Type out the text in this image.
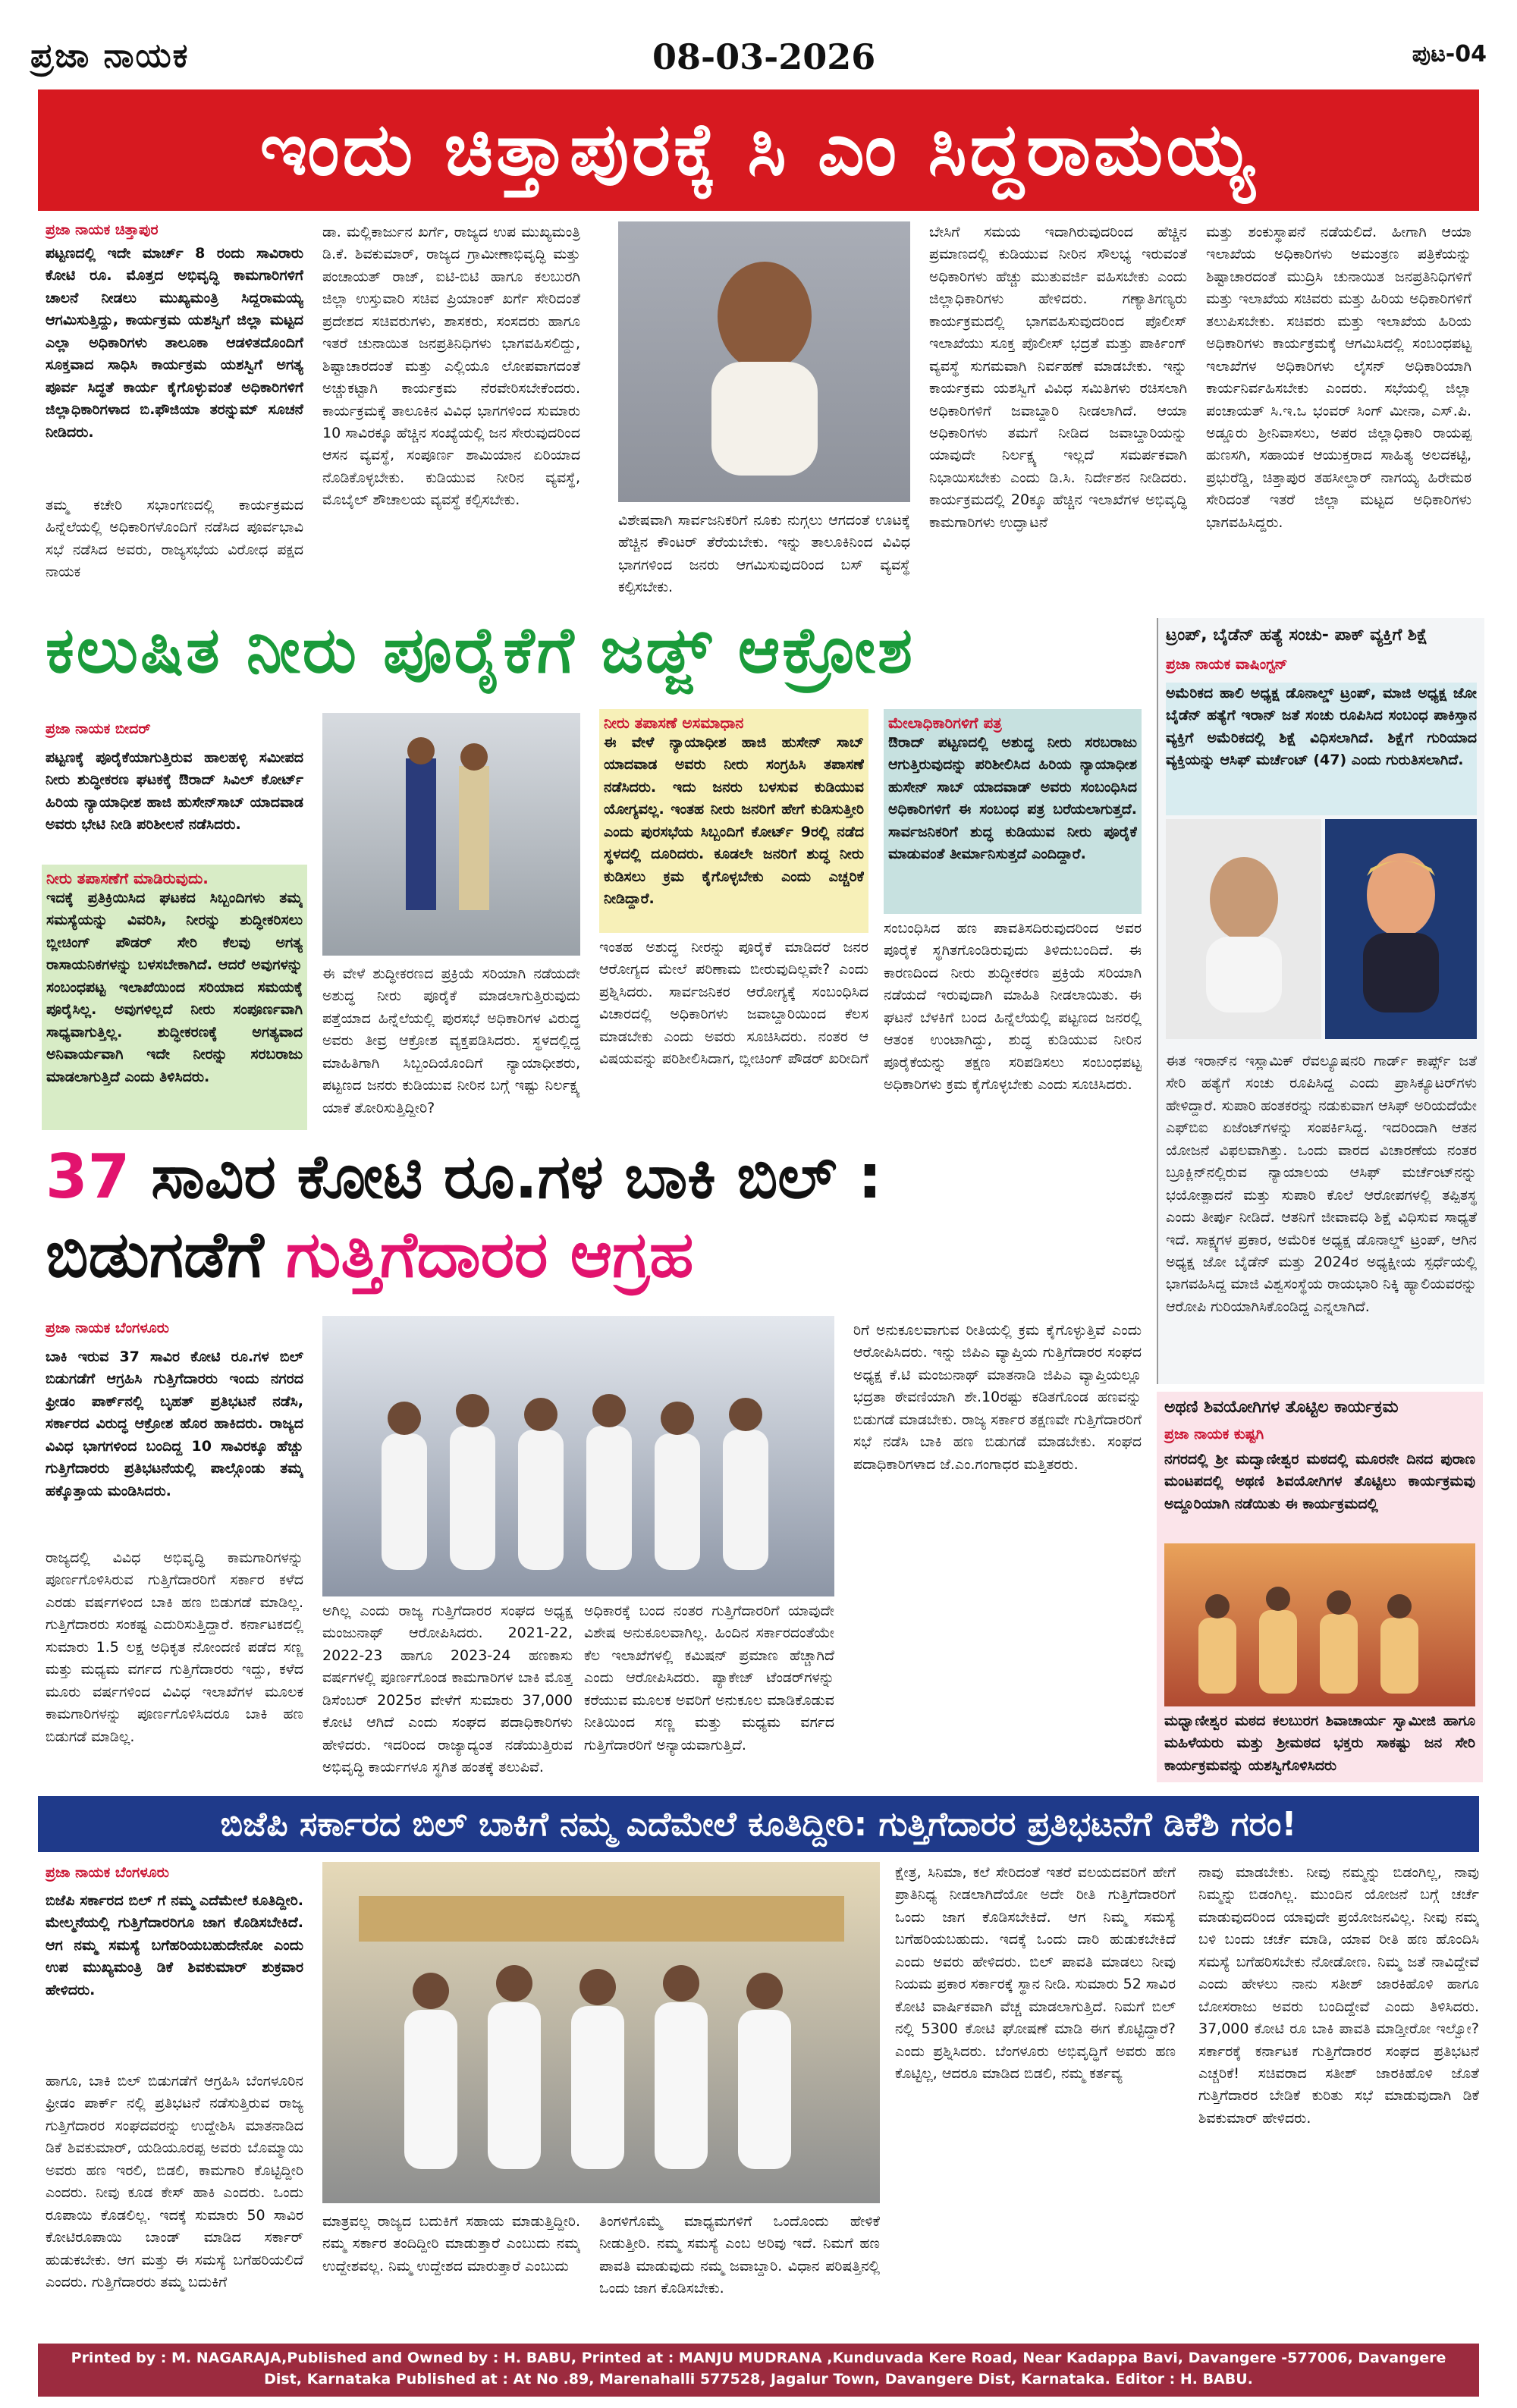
ಪ್ರಜಾ ನಾಯಕ	08-03-2026	ಪುಟ-04
ಇಂದು ಚಿತ್ತಾಪುರಕ್ಕೆ ಸಿ ಎಂ ಸಿದ್ದರಾಮಯ್ಯ
ಪ್ರಜಾ ನಾಯಕ ಚಿತ್ತಾಪುರ
ಪಟ್ಟಣದಲ್ಲಿ ಇದೇ ಮಾರ್ಚ್ 8 ರಂದು ಸಾವಿರಾರು ಕೋಟಿ ರೂ. ಮೊತ್ತದ ಅಭಿವೃದ್ಧಿ ಕಾಮಗಾರಿಗಳಿಗೆ ಚಾಲನೆ ನೀಡಲು ಮುಖ್ಯಮಂತ್ರಿ ಸಿದ್ದರಾಮಯ್ಯ ಆಗಮಿಸುತ್ತಿದ್ದು, ಕಾರ್ಯಕ್ರಮ ಯಶಸ್ವಿಗೆ ಜಿಲ್ಲಾ ಮಟ್ಟದ ಎಲ್ಲಾ ಅಧಿಕಾರಿಗಳು ತಾಲೂಕಾ ಆಡಳಿತದೊಂದಿಗೆ ಸೂಕ್ತವಾದ ಸಾಧಿಸಿ ಕಾರ್ಯಕ್ರಮ ಯಶಸ್ವಿಗೆ ಅಗತ್ಯ ಪೂರ್ವ ಸಿದ್ಧತೆ ಕಾರ್ಯ ಕೈಗೊಳ್ಳುವಂತೆ ಅಧಿಕಾರಿಗಳಿಗೆ ಜಿಲ್ಲಾಧಿಕಾರಿಗಳಾದ ಬಿ.ಫೌಜಿಯಾ ತರನ್ನುಮ್ ಸೂಚನೆ ನೀಡಿದರು.
ತಮ್ಮ ಕಚೇರಿ ಸಭಾಂಗಣದಲ್ಲಿ ಕಾರ್ಯಕ್ರಮದ ಹಿನ್ನೆಲೆಯಲ್ಲಿ ಅಧಿಕಾರಿಗಳೊಂದಿಗೆ ನಡೆಸಿದ ಪೂರ್ವಭಾವಿ ಸಭೆ ನಡೆಸಿದ ಅವರು, ರಾಜ್ಯಸಭೆಯ ವಿರೋಧ ಪಕ್ಷದ ನಾಯಕ
ಡಾ. ಮಲ್ಲಿಕಾರ್ಜುನ ಖರ್ಗೆ, ರಾಜ್ಯದ ಉಪ ಮುಖ್ಯಮಂತ್ರಿ ಡಿ.ಕೆ. ಶಿವಕುಮಾರ್, ರಾಜ್ಯದ ಗ್ರಾಮೀಣಾಭಿವೃದ್ಧಿ ಮತ್ತು ಪಂಚಾಯತ್ ರಾಜ್, ಐಟಿ-ಬಿಟಿ ಹಾಗೂ ಕಲಬುರಗಿ ಜಿಲ್ಲಾ ಉಸ್ತುವಾರಿ ಸಚಿವ ಪ್ರಿಯಾಂಕ್ ಖರ್ಗೆ ಸೇರಿದಂತೆ ಪ್ರದೇಶದ ಸಚಿವರುಗಳು, ಶಾಸಕರು, ಸಂಸದರು ಹಾಗೂ ಇತರೆ ಚುನಾಯಿತ ಜನಪ್ರತಿನಿಧಿಗಳು ಭಾಗವಹಿಸಲಿದ್ದು, ಶಿಷ್ಟಾಚಾರದಂತೆ ಮತ್ತು ಎಲ್ಲಿಯೂ ಲೋಪವಾಗದಂತೆ ಅಚ್ಚುಕಟ್ಟಾಗಿ ಕಾರ್ಯಕ್ರಮ ನೆರವೇರಿಸಬೇಕೆಂದರು. ಕಾರ್ಯಕ್ರಮಕ್ಕೆ ತಾಲೂಕಿನ ವಿವಿಧ ಭಾಗಗಳಿಂದ ಸುಮಾರು 10 ಸಾವಿರಕ್ಕೂ ಹೆಚ್ಚಿನ ಸಂಖ್ಯೆಯಲ್ಲಿ ಜನ ಸೇರುವುದರಿಂದ ಆಸನ ವ್ಯವಸ್ಥೆ, ಸಂಪೂರ್ಣ ಶಾಮಿಯಾನ ಏರಿಯಾದ ನೊಡಿಕೊಳ್ಳಬೇಕು. ಕುಡಿಯುವ ನೀರಿನ ವ್ಯವಸ್ಥೆ, ಮೊಬೈಲ್ ಶೌಚಾಲಯ ವ್ಯವಸ್ಥೆ ಕಲ್ಪಿಸಬೇಕು.
ವಿಶೇಷವಾಗಿ ಸಾರ್ವಜನಿಕರಿಗೆ ನೂಕು ನುಗ್ಗಲು ಆಗದಂತೆ ಊಟಕ್ಕೆ ಹೆಚ್ಚಿನ ಕೌಂಟರ್ ತೆರೆಯಬೇಕು. ಇನ್ನು ತಾಲೂಕಿನಿಂದ ವಿವಿಧ ಭಾಗಗಳಿಂದ ಜನರು ಆಗಮಿಸುವುದರಿಂದ ಬಸ್ ವ್ಯವಸ್ಥೆ ಕಲ್ಪಿಸಬೇಕು.
ಬೇಸಿಗೆ ಸಮಯ ಇದಾಗಿರುವುದರಿಂದ ಹೆಚ್ಚಿನ ಪ್ರಮಾಣದಲ್ಲಿ ಕುಡಿಯುವ ನೀರಿನ ಸೌಲಭ್ಯ ಇರುವಂತೆ ಅಧಿಕಾರಿಗಳು ಹೆಚ್ಚು ಮುತುವರ್ಜಿ ವಹಿಸಬೇಕು ಎಂದು ಜಿಲ್ಲಾಧಿಕಾರಿಗಳು ಹೇಳಿದರು. ಗಣ್ಯಾತಿಗಣ್ಯರು ಕಾರ್ಯಕ್ರಮದಲ್ಲಿ ಭಾಗವಹಿಸುವುದರಿಂದ ಪೊಲೀಸ್ ಇಲಾಖೆಯು ಸೂಕ್ತ ಪೊಲೀಸ್ ಭದ್ರತೆ ಮತ್ತು ಪಾರ್ಕಿಂಗ್ ವ್ಯವಸ್ಥೆ ಸುಗಮವಾಗಿ ನಿರ್ವಹಣೆ ಮಾಡಬೇಕು. ಇನ್ನು ಕಾರ್ಯಕ್ರಮ ಯಶಸ್ವಿಗೆ ವಿವಿಧ ಸಮಿತಿಗಳು ರಚಿಸಲಾಗಿ ಅಧಿಕಾರಿಗಳಿಗೆ ಜವಾಬ್ದಾರಿ ನೀಡಲಾಗಿದೆ. ಆಯಾ ಅಧಿಕಾರಿಗಳು ತಮಗೆ ನೀಡಿದ ಜವಾಬ್ದಾರಿಯನ್ನು ಯಾವುದೇ ನಿರ್ಲಕ್ಷ್ಯ ಇಲ್ಲದೆ ಸಮರ್ಪಕವಾಗಿ ನಿಭಾಯಿಸಬೇಕು ಎಂದು ಡಿ.ಸಿ. ನಿರ್ದೇಶನ ನೀಡಿದರು. ಕಾರ್ಯಕ್ರಮದಲ್ಲಿ 20ಕ್ಕೂ ಹೆಚ್ಚಿನ ಇಲಾಖೆಗಳ ಅಭಿವೃದ್ಧಿ ಕಾಮಗಾರಿಗಳು ಉದ್ಘಾಟನೆ
ಮತ್ತು ಶಂಕುಸ್ಥಾಪನೆ ನಡೆಯಲಿದೆ. ಹೀಗಾಗಿ ಆಯಾ ಇಲಾಖೆಯ ಅಧಿಕಾರಿಗಳು ಅಮಂತ್ರಣ ಪತ್ರಿಕೆಯನ್ನು ಶಿಷ್ಟಾಚಾರದಂತೆ ಮುದ್ರಿಸಿ ಚುನಾಯಿತ ಜನಪ್ರತಿನಿಧಿಗಳಿಗೆ ಮತ್ತು ಇಲಾಖೆಯ ಸಚಿವರು ಮತ್ತು ಹಿರಿಯ ಅಧಿಕಾರಿಗಳಿಗೆ ತಲುಪಿಸಬೇಕು. ಸಚಿವರು ಮತ್ತು ಇಲಾಖೆಯ ಹಿರಿಯ ಅಧಿಕಾರಿಗಳು ಕಾರ್ಯಕ್ರಮಕ್ಕೆ ಆಗಮಿಸಿದಲ್ಲಿ ಸಂಬಂಧಪಟ್ಟ ಇಲಾಖೆಗಳ ಅಧಿಕಾರಿಗಳು ಲೈಸನ್ ಅಧಿಕಾರಿಯಾಗಿ ಕಾರ್ಯನಿರ್ವಹಿಸಬೇಕು ಎಂದರು. ಸಭೆಯಲ್ಲಿ ಜಿಲ್ಲಾ ಪಂಚಾಯತ್ ಸಿ.ಇ.ಒ ಭಂವರ್ ಸಿಂಗ್ ಮೀನಾ, ಎಸ್.ಪಿ. ಅಡ್ಡೂರು ಶ್ರೀನಿವಾಸಲು, ಅಪರ ಜಿಲ್ಲಾಧಿಕಾರಿ ರಾಯಪ್ಪ ಹುಣಸಗಿ, ಸಹಾಯಕ ಆಯುಕ್ತರಾದ ಸಾಹಿತ್ಯ ಅಲದಕಟ್ಟಿ, ಪ್ರಭುರೆಡ್ಡಿ, ಚಿತ್ತಾಪುರ ತಹಸೀಲ್ದಾರ್ ನಾಗಯ್ಯ ಹಿರೇಮಠ ಸೇರಿದಂತೆ ಇತರೆ ಜಿಲ್ಲಾ ಮಟ್ಟದ ಅಧಿಕಾರಿಗಳು ಭಾಗವಹಿಸಿದ್ದರು.
ಕಲುಷಿತ ನೀರು ಪೂರೈಕೆಗೆ ಜಡ್ಜ್ ಆಕ್ರೋಶ
ಪ್ರಜಾ ನಾಯಕ ಬೀದರ್
ಪಟ್ಟಣಕ್ಕೆ ಪೂರೈಕೆಯಾಗುತ್ತಿರುವ ಹಾಲಹಳ್ಳಿ ಸಮೀಪದ ನೀರು ಶುದ್ಧೀಕರಣ ಘಟಕಕ್ಕೆ ಔರಾದ್ ಸಿವಿಲ್ ಕೋರ್ಟ್ ಹಿರಿಯ ನ್ಯಾಯಾಧೀಶ ಹಾಜಿ ಹುಸೇನ್‌ಸಾಬ್ ಯಾದವಾಡ ಅವರು ಭೇಟಿ ನೀಡಿ ಪರಿಶೀಲನೆ ನಡೆಸಿದರು.
ನೀರು ತಪಾಸಣೆಗೆ ಮಾಡಿರುವುದು.
ಇದಕ್ಕೆ ಪ್ರತಿಕ್ರಿಯಿಸಿದ ಘಟಕದ ಸಿಬ್ಬಂದಿಗಳು ತಮ್ಮ ಸಮಸ್ಯೆಯನ್ನು ವಿವರಿಸಿ, ನೀರನ್ನು ಶುದ್ಧೀಕರಿಸಲು ಬ್ಲೀಚಿಂಗ್ ಪೌಡರ್ ಸೇರಿ ಕೆಲವು ಅಗತ್ಯ ರಾಸಾಯನಿಕಗಳನ್ನು ಬಳಸಬೇಕಾಗಿದೆ. ಆದರೆ ಅವುಗಳನ್ನು ಸಂಬಂಧಪಟ್ಟ ಇಲಾಖೆಯಿಂದ ಸರಿಯಾದ ಸಮಯಕ್ಕೆ ಪೂರೈಸಿಲ್ಲ. ಅವುಗಳಿಲ್ಲದೆ ನೀರು ಸಂಪೂರ್ಣವಾಗಿ ಸಾಧ್ಯವಾಗುತ್ತಿಲ್ಲ. ಶುದ್ಧೀಕರಣಕ್ಕೆ ಅಗತ್ಯವಾದ ಅನಿವಾರ್ಯವಾಗಿ ಇದೇ ನೀರನ್ನು ಸರಬರಾಜು ಮಾಡಲಾಗುತ್ತಿದೆ ಎಂದು ತಿಳಿಸಿದರು.
ಈ ವೇಳೆ ಶುದ್ಧೀಕರಣದ ಪ್ರಕ್ರಿಯೆ ಸರಿಯಾಗಿ ನಡೆಯದೇ ಅಶುದ್ಧ ನೀರು ಪೂರೈಕೆ ಮಾಡಲಾಗುತ್ತಿರುವುದು ಪತ್ತೆಯಾದ ಹಿನ್ನೆಲೆಯಲ್ಲಿ ಪುರಸಭೆ ಅಧಿಕಾರಿಗಳ ವಿರುದ್ಧ ಅವರು ತೀವ್ರ ಆಕ್ರೋಶ ವ್ಯಕ್ತಪಡಿಸಿದರು. ಸ್ಥಳದಲ್ಲಿದ್ದ ಮಾಹಿತಿಗಾಗಿ ಸಿಬ್ಬಂದಿಯೊಂದಿಗೆ ನ್ಯಾಯಾಧೀಶರು, ಪಟ್ಟಣದ ಜನರು ಕುಡಿಯುವ ನೀರಿನ ಬಗ್ಗೆ ಇಷ್ಟು ನಿರ್ಲಕ್ಷ್ಯ ಯಾಕೆ ತೋರಿಸುತ್ತಿದ್ದೀರಿ?
ನೀರು ತಪಾಸಣೆ ಅಸಮಾಧಾನ
ಈ ವೇಳೆ ನ್ಯಾಯಾಧೀಶ ಹಾಜಿ ಹುಸೇನ್ ಸಾಬ್ ಯಾದವಾಡ ಅವರು ನೀರು ಸಂಗ್ರಹಿಸಿ ತಪಾಸಣೆ ನಡೆಸಿದರು. ಇದು ಜನರು ಬಳಸುವ ಕುಡಿಯುವ ಯೋಗ್ಯವಲ್ಲ. ಇಂತಹ ನೀರು ಜನರಿಗೆ ಹೇಗೆ ಕುಡಿಸುತ್ತೀರಿ ಎಂದು ಪುರಸಭೆಯ ಸಿಬ್ಬಂದಿಗೆ ಕೋರ್ಟ್ 9ರಲ್ಲಿ ನಡೆದ ಸ್ಥಳದಲ್ಲಿ ದೂರಿದರು. ಕೂಡಲೇ ಜನರಿಗೆ ಶುದ್ಧ ನೀರು ಕುಡಿಸಲು ಕ್ರಮ ಕೈಗೊಳ್ಳಬೇಕು ಎಂದು ಎಚ್ಚರಿಕೆ ನೀಡಿದ್ದಾರೆ.
ಇಂತಹ ಅಶುದ್ಧ ನೀರನ್ನು ಪೂರೈಕೆ ಮಾಡಿದರೆ ಜನರ ಆರೋಗ್ಯದ ಮೇಲೆ ಪರಿಣಾಮ ಬೀರುವುದಿಲ್ಲವೇ? ಎಂದು ಪ್ರಶ್ನಿಸಿದರು. ಸಾರ್ವಜನಿಕರ ಆರೋಗ್ಯಕ್ಕೆ ಸಂಬಂಧಿಸಿದ ವಿಚಾರದಲ್ಲಿ ಅಧಿಕಾರಿಗಳು ಜವಾಬ್ದಾರಿಯಿಂದ ಕೆಲಸ ಮಾಡಬೇಕು ಎಂದು ಅವರು ಸೂಚಿಸಿದರು. ನಂತರ ಆ ವಿಷಯವನ್ನು ಪರಿಶೀಲಿಸಿದಾಗ, ಬ್ಲೀಚಿಂಗ್ ಪೌಡರ್ ಖರೀದಿಗೆ
ಮೇಲಾಧಿಕಾರಿಗಳಿಗೆ ಪತ್ರ
ಔರಾದ್ ಪಟ್ಟಣದಲ್ಲಿ ಅಶುದ್ಧ ನೀರು ಸರಬರಾಜು ಆಗುತ್ತಿರುವುದನ್ನು ಪರಿಶೀಲಿಸಿದ ಹಿರಿಯ ನ್ಯಾಯಾಧೀಶ ಹುಸೇನ್ ಸಾಬ್ ಯಾದವಾಡ್ ಅವರು ಸಂಬಂಧಿಸಿದ ಅಧಿಕಾರಿಗಳಿಗೆ ಈ ಸಂಬಂಧ ಪತ್ರ ಬರೆಯಲಾಗುತ್ತದೆ. ಸಾರ್ವಜನಿಕರಿಗೆ ಶುದ್ಧ ಕುಡಿಯುವ ನೀರು ಪೂರೈಕೆ ಮಾಡುವಂತೆ ತೀರ್ಮಾನಿಸುತ್ತದೆ ಎಂದಿದ್ದಾರೆ.
ಸಂಬಂಧಿಸಿದ ಹಣ ಪಾವತಿಸದಿರುವುದರಿಂದ ಅವರ ಪೂರೈಕೆ ಸ್ಥಗಿತಗೊಂಡಿರುವುದು ತಿಳಿದುಬಂದಿದೆ. ಈ ಕಾರಣದಿಂದ ನೀರು ಶುದ್ಧೀಕರಣ ಪ್ರಕ್ರಿಯೆ ಸರಿಯಾಗಿ ನಡೆಯದೆ ಇರುವುದಾಗಿ ಮಾಹಿತಿ ನೀಡಲಾಯಿತು. ಈ ಘಟನೆ ಬೆಳಕಿಗೆ ಬಂದ ಹಿನ್ನೆಲೆಯಲ್ಲಿ ಪಟ್ಟಣದ ಜನರಲ್ಲಿ ಆತಂಕ ಉಂಟಾಗಿದ್ದು, ಶುದ್ಧ ಕುಡಿಯುವ ನೀರಿನ ಪೂರೈಕೆಯನ್ನು ತಕ್ಷಣ ಸರಿಪಡಿಸಲು ಸಂಬಂಧಪಟ್ಟ ಅಧಿಕಾರಿಗಳು ಕ್ರಮ ಕೈಗೊಳ್ಳಬೇಕು ಎಂದು ಸೂಚಿಸಿದರು.
ಟ್ರಂಪ್, ಬೈಡೆನ್ ಹತ್ಯೆ ಸಂಚು- ಪಾಕ್ ವ್ಯಕ್ತಿಗೆ ಶಿಕ್ಷೆ
ಪ್ರಜಾ ನಾಯಕ ವಾಷಿಂಗ್ಟನ್
ಅಮೆರಿಕದ ಹಾಲಿ ಅಧ್ಯಕ್ಷ ಡೊನಾಲ್ಡ್ ಟ್ರಂಪ್, ಮಾಜಿ ಅಧ್ಯಕ್ಷ ಜೋ ಬೈಡೆನ್ ಹತ್ಯೆಗೆ ಇರಾನ್ ಜತೆ ಸಂಚು ರೂಪಿಸಿದ ಸಂಬಂಧ ಪಾಕಿಸ್ತಾನ ವ್ಯಕ್ತಿಗೆ ಅಮೆರಿಕದಲ್ಲಿ ಶಿಕ್ಷೆ ವಿಧಿಸಲಾಗಿದೆ. ಶಿಕ್ಷೆಗೆ ಗುರಿಯಾದ ವ್ಯಕ್ತಿಯನ್ನು ಆಸಿಫ್ ಮರ್ಚೆಂಟ್ (47) ಎಂದು ಗುರುತಿಸಲಾಗಿದೆ.
ಈತ ಇರಾನ್‌ನ ಇಸ್ಲಾಮಿಕ್ ರೆವಲ್ಯೂಷನರಿ ಗಾರ್ಡ್ ಕಾರ್ಪ್ಸ್ ಜತೆ ಸೇರಿ ಹತ್ಯೆಗೆ ಸಂಚು ರೂಪಿಸಿದ್ದ ಎಂದು ಪ್ರಾಸಿಕ್ಯೂಟರ್‌ಗಳು ಹೇಳಿದ್ದಾರೆ. ಸುಪಾರಿ ಹಂತಕರನ್ನು ನಡುಕುವಾಗ ಆಸಿಫ್ ಅರಿಯದೆಯೇ ಎಫ್‌ಬಿಐ ಏಜೆಂಟ್‌ಗಳನ್ನು ಸಂಪರ್ಕಿಸಿದ್ದ. ಇದರಿಂದಾಗಿ ಆತನ ಯೋಜನೆ ವಿಫಲವಾಗಿತ್ತು. ಒಂದು ವಾರದ ವಿಚಾರಣೆಯ ನಂತರ ಬ್ರೂಕ್ಲಿನ್‌ನಲ್ಲಿರುವ ನ್ಯಾಯಾಲಯ ಆಸಿಫ್ ಮರ್ಚೆಂಟ್‌ನನ್ನು ಭಯೋತ್ಪಾದನೆ ಮತ್ತು ಸುಪಾರಿ ಕೊಲೆ ಆರೋಪಗಳಲ್ಲಿ ತಪ್ಪಿತಸ್ಥ ಎಂದು ತೀರ್ಪು ನೀಡಿದೆ. ಆತನಿಗೆ ಜೀವಾವಧಿ ಶಿಕ್ಷೆ ವಿಧಿಸುವ ಸಾಧ್ಯತೆ ಇದೆ. ಸಾಕ್ಷ್ಯಗಳ ಪ್ರಕಾರ, ಅಮೆರಿಕ ಅಧ್ಯಕ್ಷ ಡೊನಾಲ್ಡ್ ಟ್ರಂಪ್, ಆಗಿನ ಅಧ್ಯಕ್ಷ ಜೋ ಬೈಡೆನ್ ಮತ್ತು 2024ರ ಅಧ್ಯಕ್ಷೀಯ ಸ್ಪರ್ಧೆಯಲ್ಲಿ ಭಾಗವಹಿಸಿದ್ದ ಮಾಜಿ ವಿಶ್ವಸಂಸ್ಥೆಯ ರಾಯಭಾರಿ ನಿಕ್ಕಿ ಹ್ಯಾಲಿಯವರನ್ನು ಆರೋಪಿ ಗುರಿಯಾಗಿಸಿಕೊಂಡಿದ್ದ ಎನ್ನಲಾಗಿದೆ.
37 ಸಾವಿರ ಕೋಟಿ ರೂ.ಗಳ ಬಾಕಿ ಬಿಲ್ :
ಬಿಡುಗಡೆಗೆ ಗುತ್ತಿಗೆದಾರರ ಆಗ್ರಹ
ಪ್ರಜಾ ನಾಯಕ ಬೆಂಗಳೂರು
ಬಾಕಿ ಇರುವ 37 ಸಾವಿರ ಕೋಟಿ ರೂ.ಗಳ ಬಿಲ್ ಬಿಡುಗಡೆಗೆ ಆಗ್ರಹಿಸಿ ಗುತ್ತಿಗೆದಾರರು ಇಂದು ನಗರದ ಫ್ರೀಡಂ ಪಾರ್ಕ್‌ನಲ್ಲಿ ಬೃಹತ್ ಪ್ರತಿಭಟನೆ ನಡೆಸಿ, ಸರ್ಕಾರದ ವಿರುದ್ಧ ಆಕ್ರೋಶ ಹೊರ ಹಾಕಿದರು. ರಾಜ್ಯದ ವಿವಿಧ ಭಾಗಗಳಿಂದ ಬಂದಿದ್ದ 10 ಸಾವಿರಕ್ಕೂ ಹೆಚ್ಚು ಗುತ್ತಿಗೆದಾರರು ಪ್ರತಿಭಟನೆಯಲ್ಲಿ ಪಾಲ್ಗೊಂಡು ತಮ್ಮ ಹಕ್ಕೊತ್ತಾಯ ಮಂಡಿಸಿದರು.
ರಾಜ್ಯದಲ್ಲಿ ವಿವಿಧ ಅಭಿವೃದ್ಧಿ ಕಾಮಗಾರಿಗಳನ್ನು ಪೂರ್ಣಗೊಳಿಸಿರುವ ಗುತ್ತಿಗೆದಾರರಿಗೆ ಸರ್ಕಾರ ಕಳೆದ ಎರಡು ವರ್ಷಗಳಿಂದ ಬಾಕಿ ಹಣ ಬಿಡುಗಡೆ ಮಾಡಿಲ್ಲ. ಗುತ್ತಿಗೆದಾರರು ಸಂಕಷ್ಟ ಎದುರಿಸುತ್ತಿದ್ದಾರೆ. ಕರ್ನಾಟಕದಲ್ಲಿ ಸುಮಾರು 1.5 ಲಕ್ಷ ಅಧಿಕೃತ ನೋಂದಣಿ ಪಡೆದ ಸಣ್ಣ ಮತ್ತು ಮಧ್ಯಮ ವರ್ಗದ ಗುತ್ತಿಗೆದಾರರು ಇದ್ದು, ಕಳೆದ ಮೂರು ವರ್ಷಗಳಿಂದ ವಿವಿಧ ಇಲಾಖೆಗಳ ಮೂಲಕ ಕಾಮಗಾರಿಗಳನ್ನು ಪೂರ್ಣಗೊಳಿಸಿದರೂ ಬಾಕಿ ಹಣ ಬಿಡುಗಡೆ ಮಾಡಿಲ್ಲ.
ಅಗಿಲ್ಲ ಎಂದು ರಾಜ್ಯ ಗುತ್ತಿಗೆದಾರರ ಸಂಘದ ಅಧ್ಯಕ್ಷ ಮಂಜುನಾಥ್ ಆರೋಪಿಸಿದರು. 2021-22, 2022-23 ಹಾಗೂ 2023-24 ಹಣಕಾಸು ವರ್ಷಗಳಲ್ಲಿ ಪೂರ್ಣಗೊಂಡ ಕಾಮಗಾರಿಗಳ ಬಾಕಿ ಮೊತ್ತ ಡಿಸೆಂಬರ್ 2025ರ ವೇಳೆಗೆ ಸುಮಾರು 37,000 ಕೋಟಿ ಆಗಿದೆ ಎಂದು ಸಂಘದ ಪದಾಧಿಕಾರಿಗಳು ಹೇಳಿದರು. ಇದರಿಂದ ರಾಜ್ಯಾದ್ಯಂತ ನಡೆಯುತ್ತಿರುವ ಅಭಿವೃದ್ಧಿ ಕಾರ್ಯಗಳೂ ಸ್ಥಗಿತ ಹಂತಕ್ಕೆ ತಲುಪಿವೆ.
ಅಧಿಕಾರಕ್ಕೆ ಬಂದ ನಂತರ ಗುತ್ತಿಗೆದಾರರಿಗೆ ಯಾವುದೇ ವಿಶೇಷ ಅನುಕೂಲವಾಗಿಲ್ಲ. ಹಿಂದಿನ ಸರ್ಕಾರದಂತೆಯೇ ಕೆಲ ಇಲಾಖೆಗಳಲ್ಲಿ ಕಮಿಷನ್ ಪ್ರಮಾಣ ಹೆಚ್ಚಾಗಿದೆ ಎಂದು ಆರೋಪಿಸಿದರು. ಪ್ಯಾಕೇಜ್ ಟೆಂಡರ್‌ಗಳನ್ನು ಕರೆಯುವ ಮೂಲಕ ಅವರಿಗೆ ಅನುಕೂಲ ಮಾಡಿಕೊಡುವ ನೀತಿಯಿಂದ ಸಣ್ಣ ಮತ್ತು ಮಧ್ಯಮ ವರ್ಗದ ಗುತ್ತಿಗೆದಾರರಿಗೆ ಅನ್ಯಾಯವಾಗುತ್ತಿದೆ.
ರಿಗೆ ಅನುಕೂಲವಾಗುವ ರೀತಿಯಲ್ಲಿ ಕ್ರಮ ಕೈಗೊಳ್ಳುತ್ತಿವೆ ಎಂದು ಆರೋಪಿಸಿದರು. ಇನ್ನು ಜಿಪಿಎ ವ್ಯಾಪ್ತಿಯ ಗುತ್ತಿಗೆದಾರರ ಸಂಘದ ಅಧ್ಯಕ್ಷ ಕೆ.ಟಿ ಮಂಜುನಾಥ್ ಮಾತನಾಡಿ ಜಿಪಿಎ ವ್ಯಾಪ್ತಿಯಲ್ಲೂ ಭದ್ರತಾ ಠೇವಣಿಯಾಗಿ ಶೇ.10ರಷ್ಟು ಕಡಿತಗೊಂಡ ಹಣವನ್ನು ಬಿಡುಗಡೆ ಮಾಡಬೇಕು. ರಾಜ್ಯ ಸರ್ಕಾರ ತಕ್ಷಣವೇ ಗುತ್ತಿಗೆದಾರರಿಗೆ ಸಭೆ ನಡೆಸಿ ಬಾಕಿ ಹಣ ಬಿಡುಗಡೆ ಮಾಡಬೇಕು. ಸಂಘದ ಪದಾಧಿಕಾರಿಗಳಾದ ಜೆ.ಎಂ.ಗಂಗಾಧರ ಮತ್ತಿತರರು.
ಅಥಣಿ ಶಿವಯೋಗಿಗಳ ತೊಟ್ಟಿಲ ಕಾರ್ಯಕ್ರಮ
ಪ್ರಜಾ ನಾಯಕ ಕುಷ್ಟಗಿ
ನಗರದಲ್ಲಿ ಶ್ರೀ ಮದ್ವಾಣೀಶ್ವರ ಮಠದಲ್ಲಿ ಮೂರನೇ ದಿನದ ಪುರಾಣ ಮಂಟಪದಲ್ಲಿ ಅಥಣಿ ಶಿವಯೋಗಿಗಳ ತೊಟ್ಟಿಲು ಕಾರ್ಯಕ್ರಮವು ಅದ್ದೂರಿಯಾಗಿ ನಡೆಯಿತು ಈ ಕಾರ್ಯಕ್ರಮದಲ್ಲಿ
ಮಧ್ವಾಣೀಶ್ವರ ಮಠದ ಕಲಬುರಗ ಶಿವಾಚಾರ್ಯ ಸ್ವಾಮೀಜಿ ಹಾಗೂ ಮಹಿಳೆಯರು ಮತ್ತು ಶ್ರೀಮಠದ ಭಕ್ತರು ಸಾಕಷ್ಟು ಜನ ಸೇರಿ ಕಾರ್ಯಕ್ರಮವನ್ನು ಯಶಸ್ವಿಗೊಳಿಸಿದರು
ಬಿಜೆಪಿ ಸರ್ಕಾರದ ಬಿಲ್ ಬಾಕಿಗೆ ನಮ್ಮ ಎದೆಮೇಲೆ ಕೂತಿದ್ದೀರಿ: ಗುತ್ತಿಗೆದಾರರ ಪ್ರತಿಭಟನೆಗೆ ಡಿಕೆಶಿ ಗರಂ!
ಪ್ರಜಾ ನಾಯಕ ಬೆಂಗಳೂರು
ಬಿಜೆಪಿ ಸರ್ಕಾರದ ಬಿಲ್ ಗೆ ನಮ್ಮ ಎದೆಮೇಲೆ ಕೂತಿದ್ದೀರಿ. ಮೇಲ್ಮನೆಯಲ್ಲಿ ಗುತ್ತಿಗೆದಾರರಿಗೂ ಜಾಗ ಕೊಡಿಸಬೇಕಿದೆ. ಆಗ ನಮ್ಮ ಸಮಸ್ಯೆ ಬಗೆಹರಿಯಬಹುದೇನೋ ಎಂದು ಉಪ ಮುಖ್ಯಮಂತ್ರಿ ಡಿಕೆ ಶಿವಕುಮಾರ್ ಶುಕ್ರವಾರ ಹೇಳಿದರು.
ಹಾಗೂ, ಬಾಕಿ ಬಿಲ್ ಬಿಡುಗಡೆಗೆ ಆಗ್ರಹಿಸಿ ಬೆಂಗಳೂರಿನ ಫ್ರೀಡಂ ಪಾರ್ಕ್ ನಲ್ಲಿ ಪ್ರತಿಭಟನೆ ನಡೆಸುತ್ತಿರುವ ರಾಜ್ಯ ಗುತ್ತಿಗೆದಾರರ ಸಂಘದವರನ್ನು ಉದ್ದೇಶಿಸಿ ಮಾತನಾಡಿದ ಡಿಕೆ ಶಿವಕುಮಾರ್, ಯಡಿಯೂರಪ್ಪ ಅವರು ಬೊಮ್ಮಾಯಿ ಅವರು ಹಣ ಇರಲಿ, ಬಿಡಲಿ, ಕಾಮಗಾರಿ ಕೊಟ್ಟಿದ್ದೀರಿ ಎಂದರು. ನೀವು ಕೂಡ ಕೇಸ್ ಹಾಕಿ ಎಂದರು. ಒಂದು ರೂಪಾಯಿ ಕೊಡಲಿಲ್ಲ. ಇದಕ್ಕೆ ಸುಮಾರು 50 ಸಾವಿರ ಕೋಟಿರೂಪಾಯಿ ಬಾಂಡ್ ಮಾಡಿದ ಸರ್ಕಾರ್ ಹುಡುಕಬೇಕು. ಆಗ ಮತ್ತು ಈ ಸಮಸ್ಯೆ ಬಗೆಹರಿಯಲಿದೆ ಎಂದರು. ಗುತ್ತಿಗೆದಾರರು ತಮ್ಮ ಬದುಕಿಗೆ
ಮಾತ್ರವಲ್ಲ ರಾಜ್ಯದ ಬದುಕಿಗೆ ಸಹಾಯ ಮಾಡುತ್ತಿದ್ದೀರಿ. ನಮ್ಮ ಸರ್ಕಾರ ತಂದಿದ್ದೀರಿ ಮಾಡುತ್ತಾರೆ ಎಂಬುದು ನಮ್ಮ ಉದ್ದೇಶವಲ್ಲ. ನಿಮ್ಮ ಉದ್ದೇಶದ ಮಾರುತ್ತಾರೆ ಎಂಬುದು
ತಿಂಗಳಿಗೊಮ್ಮೆ ಮಾಧ್ಯಮಗಳಿಗೆ ಒಂದೊಂದು ಹೇಳಿಕೆ ನೀಡುತ್ತೀರಿ. ನಮ್ಮ ಸಮಸ್ಯೆ ಎಂಬ ಅರಿವು ಇದೆ. ನಿಮಗೆ ಹಣ ಪಾವತಿ ಮಾಡುವುದು ನಮ್ಮ ಜವಾಬ್ದಾರಿ. ವಿಧಾನ ಪರಿಷತ್ತಿನಲ್ಲಿ ಒಂದು ಜಾಗ ಕೊಡಿಸಬೇಕು.
ಕ್ಷೇತ್ರ, ಸಿನಿಮಾ, ಕಲೆ ಸೇರಿದಂತೆ ಇತರೆ ವಲಯದವರಿಗೆ ಹೇಗೆ ಪ್ರಾತಿನಿಧ್ಯ ನೀಡಲಾಗಿದೆಯೋ ಅದೇ ರೀತಿ ಗುತ್ತಿಗೆದಾರರಿಗೆ ಒಂದು ಜಾಗ ಕೊಡಿಸಬೇಕಿದೆ. ಆಗ ನಿಮ್ಮ ಸಮಸ್ಯೆ ಬಗೆಹರಿಯಬಹುದು. ಇದಕ್ಕೆ ಒಂದು ದಾರಿ ಹುಡುಕಬೇಕಿದೆ ಎಂದು ಅವರು ಹೇಳಿದರು. ಬಿಲ್ ಪಾವತಿ ಮಾಡಲು ನೀವು ನಿಯಮ ಪ್ರಕಾರ ಸರ್ಕಾರಕ್ಕೆ ಸ್ಥಾನ ನೀಡಿ. ಸುಮಾರು 52 ಸಾವಿರ ಕೋಟಿ ವಾರ್ಷಿಕವಾಗಿ ವೆಚ್ಚ ಮಾಡಲಾಗುತ್ತಿದೆ. ನಿಮಗೆ ಬಿಲ್ ನಲ್ಲಿ 5300 ಕೋಟಿ ಘೋಷಣೆ ಮಾಡಿ ಈಗ ಕೊಟ್ಟಿದ್ದಾರೆ? ಎಂದು ಪ್ರಶ್ನಿಸಿದರು. ಬೆಂಗಳೂರು ಅಭಿವೃದ್ಧಿಗೆ ಅವರು ಹಣ ಕೊಟ್ಟಿಲ್ಲ, ಆದರೂ ಮಾಡಿದ ಬಿಡಲಿ, ನಮ್ಮ ಕರ್ತವ್ಯ
ನಾವು ಮಾಡಬೇಕು. ನೀವು ನಮ್ಮನ್ನು ಬಿಡಂಗಿಲ್ಲ, ನಾವು ನಿಮ್ಮನ್ನು ಬಿಡಂಗಿಲ್ಲ. ಮುಂದಿನ ಯೋಜನೆ ಬಗ್ಗೆ ಚರ್ಚೆ ಮಾಡುವುದರಿಂದ ಯಾವುದೇ ಪ್ರಯೋಜನವಿಲ್ಲ. ನೀವು ನಮ್ಮ ಬಳಿ ಬಂದು ಚರ್ಚೆ ಮಾಡಿ, ಯಾವ ರೀತಿ ಹಣ ಹೊಂದಿಸಿ ಸಮಸ್ಯೆ ಬಗೆಹರಿಸಬೇಕು ನೋಡೋಣ. ನಿಮ್ಮ ಜತೆ ನಾವಿದ್ದೇವೆ ಎಂದು ಹೇಳಲು ನಾನು ಸತೀಶ್ ಜಾರಕಿಹೊಳಿ ಹಾಗೂ ಬೋಸರಾಜು ಅವರು ಬಂದಿದ್ದೇವೆ ಎಂದು ತಿಳಿಸಿದರು. 37,000 ಕೋಟಿ ರೂ ಬಾಕಿ ಪಾವತಿ ಮಾಡ್ತೀರೋ ಇಲ್ವೋ? ಸರ್ಕಾರಕ್ಕೆ ಕರ್ನಾಟಕ ಗುತ್ತಿಗೆದಾರರ ಸಂಘದ ಪ್ರತಿಭಟನೆ ಎಚ್ಚರಿಕೆ! ಸಚಿವರಾದ ಸತೀಶ್ ಜಾರಕಿಹೊಳಿ ಜೊತೆ ಗುತ್ತಿಗೆದಾರರ ಬೇಡಿಕೆ ಕುರಿತು ಸಭೆ ಮಾಡುವುದಾಗಿ ಡಿಕೆ ಶಿವಕುಮಾರ್ ಹೇಳಿದರು.
Printed by : M. NAGARAJA,Published and Owned by : H. BABU, Printed at : MANJU MUDRANA ,Kunduvada Kere Road, Near Kadappa Bavi, Davangere -577006, Davangere
Dist, Karnataka Published at : At No .89, Marenahalli 577528, Jagalur Town, Davangere Dist, Karnataka. Editor : H. BABU.
